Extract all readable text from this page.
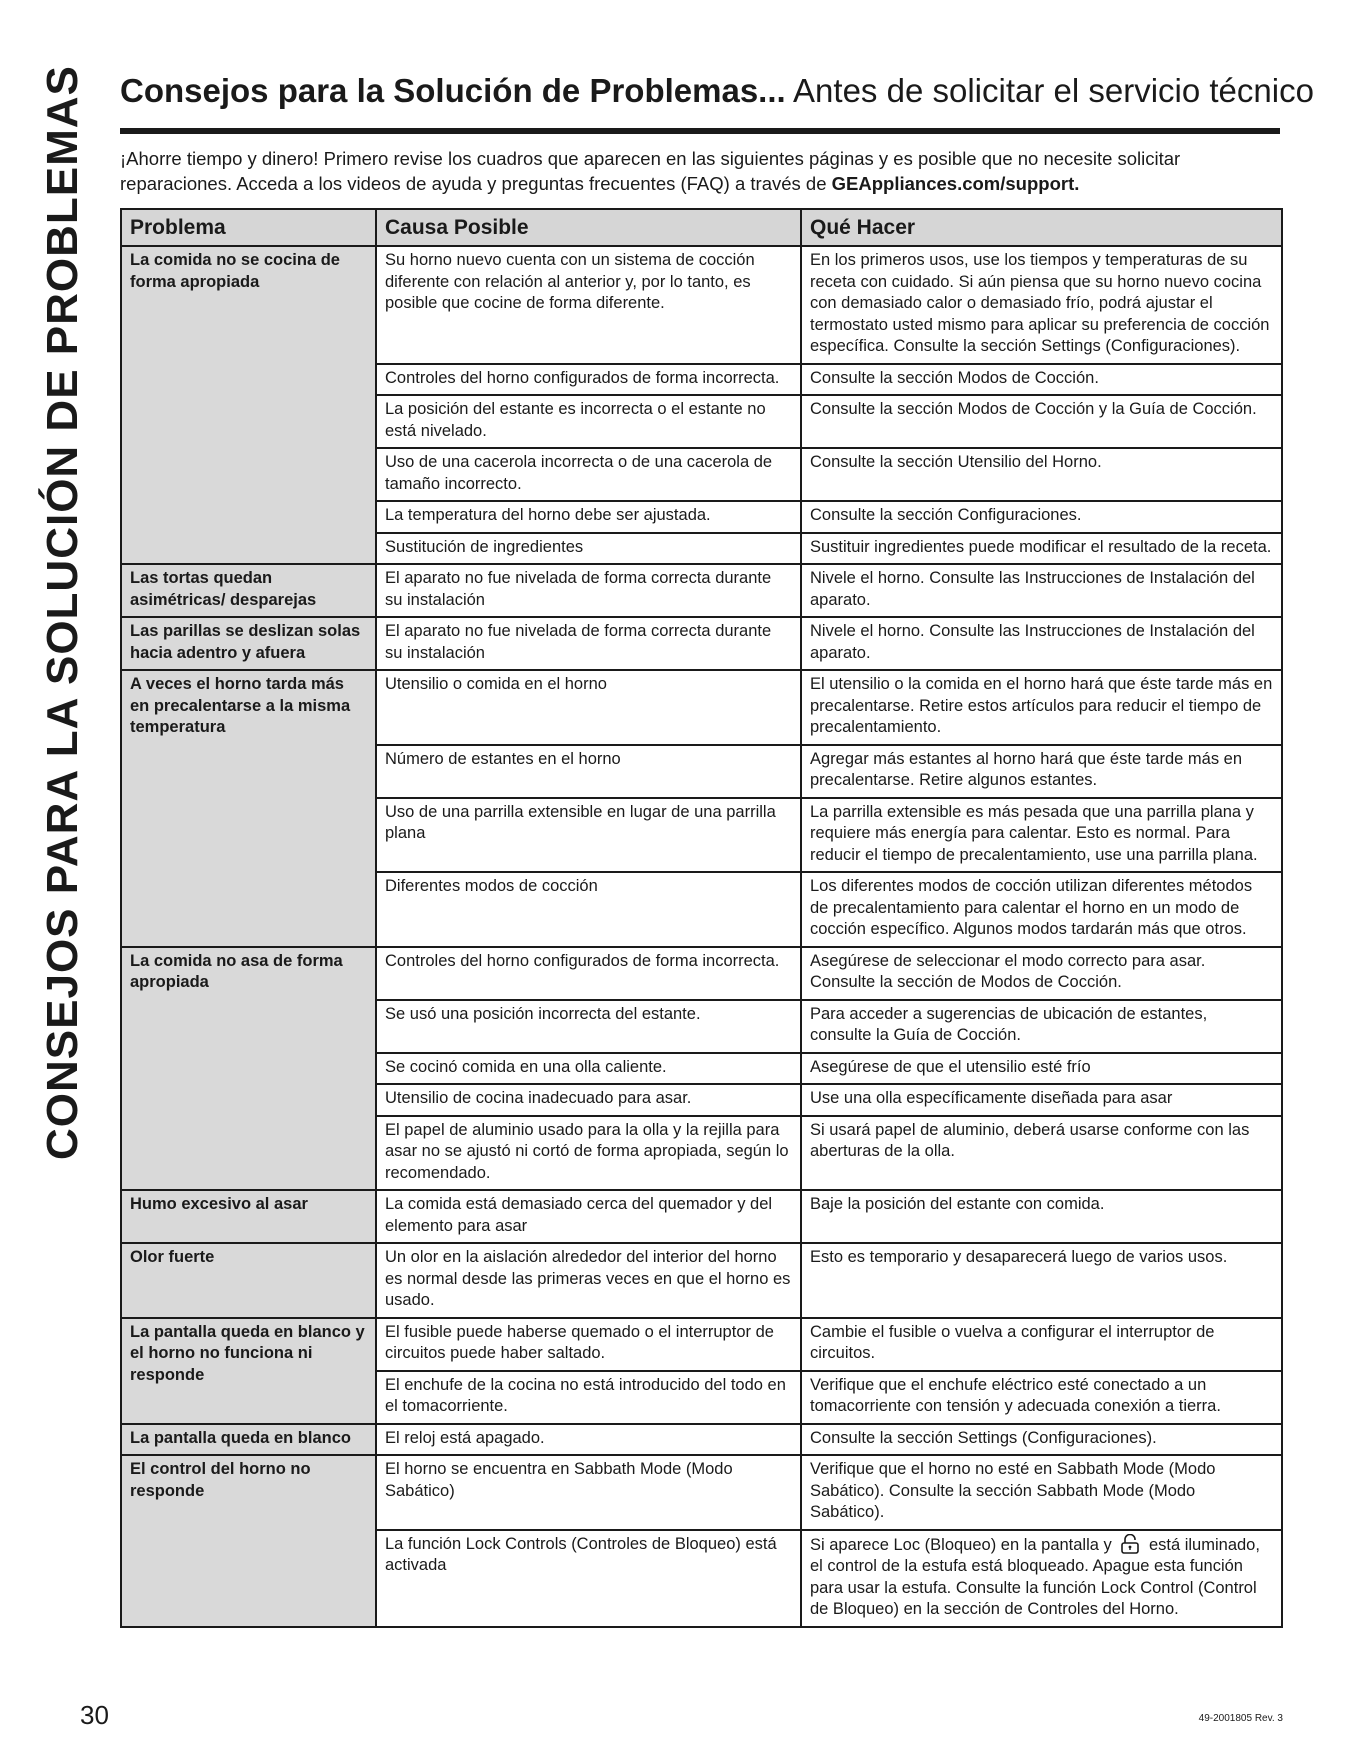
CONSEJOS PARA LA SOLUCIÓN DE PROBLEMAS Consejos para la Solución de Problemas... Antes de solicitar el servicio técnico
¡Ahorre tiempo y dinero! Primero revise los cuadros que aparecen en las siguientes páginas y es posible que no necesite solicitar reparaciones. Acceda a los videos de ayuda y preguntas frecuentes (FAQ) a través de GEAppliances.com/support.
Problema	Causa Posible	Qué Hacer
La comida no se cocina de forma apropiada	Su horno nuevo cuenta con un sistema de cocción diferente con relación al anterior y, por lo tanto, es posible que cocine de forma diferente.	En los primeros usos, use los tiempos y temperaturas de su receta con cuidado. Si aún piensa que su horno nuevo cocina con demasiado calor o demasiado frío, podrá ajustar el termostato usted mismo para aplicar su preferencia de cocción específica. Consulte la sección Settings (Configuraciones).
	Controles del horno configurados de forma incorrecta.	Consulte la sección Modos de Cocción.
	La posición del estante es incorrecta o el estante no está nivelado.	Consulte la sección Modos de Cocción y la Guía de Cocción.
	Uso de una cacerola incorrecta o de una cacerola de tamaño incorrecto.	Consulte la sección Utensilio del Horno.
	La temperatura del horno debe ser ajustada.	Consulte la sección Configuraciones.
	Sustitución de ingredientes	Sustituir ingredientes puede modificar el resultado de la receta.
Las tortas quedan asimétricas/ desparejas	El aparato no fue nivelada de forma correcta durante su instalación	Nivele el horno. Consulte las Instrucciones de Instalación del aparato.
Las parillas se deslizan solas hacia adentro y afuera	El aparato no fue nivelada de forma correcta durante su instalación	Nivele el horno. Consulte las Instrucciones de Instalación del aparato.
A veces el horno tarda más en precalentarse a la misma temperatura	Utensilio o comida en el horno	El utensilio o la comida en el horno hará que éste tarde más en precalentarse. Retire estos artículos para reducir el tiempo de precalentamiento.
	Número de estantes en el horno	Agregar más estantes al horno hará que éste tarde más en precalentarse. Retire algunos estantes.
	Uso de una parrilla extensible en lugar de una parrilla plana	La parrilla extensible es más pesada que una parrilla plana y requiere más energía para calentar. Esto es normal. Para reducir el tiempo de precalentamiento, use una parrilla plana.
	Diferentes modos de cocción	Los diferentes modos de cocción utilizan diferentes métodos de precalentamiento para calentar el horno en un modo de cocción específico. Algunos modos tardarán más que otros.
La comida no asa de forma apropiada	Controles del horno configurados de forma incorrecta.	Asegúrese de seleccionar el modo correcto para asar. Consulte la sección de Modos de Cocción.
	Se usó una posición incorrecta del estante.	Para acceder a sugerencias de ubicación de estantes, consulte la Guía de Cocción.
	Se cocinó comida en una olla caliente.	Asegúrese de que el utensilio esté frío
	Utensilio de cocina inadecuado para asar.	Use una olla específicamente diseñada para asar
	El papel de aluminio usado para la olla y la rejilla para asar no se ajustó ni cortó de forma apropiada, según lo recomendado.	Si usará papel de aluminio, deberá usarse conforme con las aberturas de la olla.
Humo excesivo al asar	La comida está demasiado cerca del quemador y del elemento para asar	Baje la posición del estante con comida.
Olor fuerte	Un olor en la aislación alrededor del interior del horno es normal desde las primeras veces en que el horno es usado.	Esto es temporario y desaparecerá luego de varios usos.
La pantalla queda en blanco y el horno no funciona ni responde	El fusible puede haberse quemado o el interruptor de circuitos puede haber saltado.	Cambie el fusible o vuelva a configurar el interruptor de circuitos.
	El enchufe de la cocina no está introducido del todo en el tomacorriente.	Verifique que el enchufe eléctrico esté conectado a un tomacorriente con tensión y adecuada conexión a tierra.
La pantalla queda en blanco	El reloj está apagado.	Consulte la sección Settings (Configuraciones).
El control del horno no responde	El horno se encuentra en Sabbath Mode (Modo Sabático)	Verifique que el horno no esté en Sabbath Mode (Modo Sabático). Consulte la sección Sabbath Mode (Modo Sabático).
	La función Lock Controls (Controles de Bloqueo) está activada	Si aparece Loc (Bloqueo) en la pantalla y  está iluminado, el control de la estufa está bloqueado. Apague esta función para usar la estufa. Consulte la función Lock Control (Control de Bloqueo) en la sección de Controles del Horno.
30	49-2001805 Rev. 3
